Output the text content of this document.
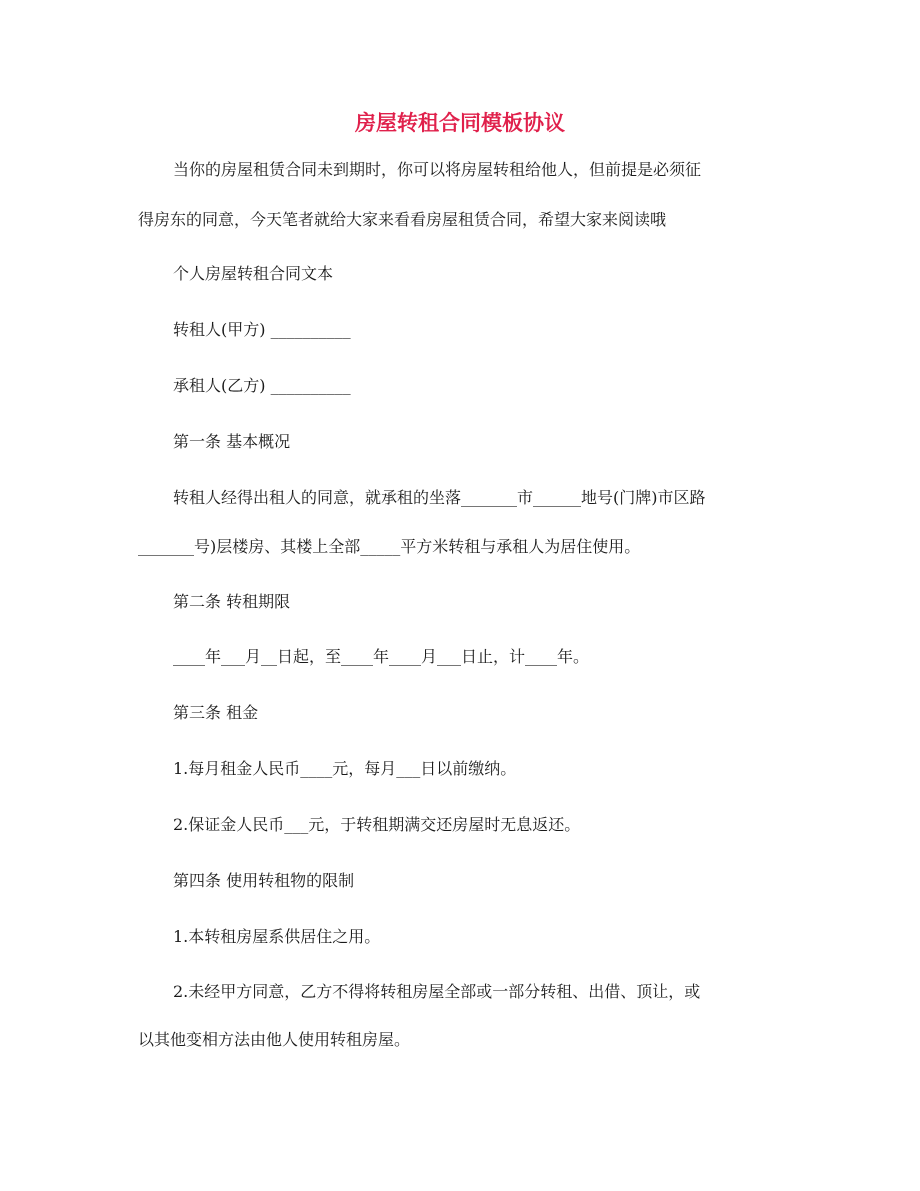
房屋转租合同模板协议

当你的房屋租赁合同未到期时，你可以将房屋转租给他人，但前提是必须征

得房东的同意，今天笔者就给大家来看看房屋租赁合同，希望大家来阅读哦

个人房屋转租合同文本

转租人(甲方) __________

承租人(乙方) __________

第一条 基本概况

转租人经得出租人的同意，就承租的坐落_______市______地号(门牌)市区路

_______号)层楼房、其楼上全部_____平方米转租与承租人为居住使用。

第二条 转租期限

____年___月__日起，至____年____月___日止，计____年。

第三条 租金

1.每月租金人民币____元，每月___日以前缴纳。

2.保证金人民币___元，于转租期满交还房屋时无息返还。

第四条 使用转租物的限制

1.本转租房屋系供居住之用。

2.未经甲方同意，乙方不得将转租房屋全部或一部分转租、出借、顶让，或

以其他变相方法由他人使用转租房屋。
